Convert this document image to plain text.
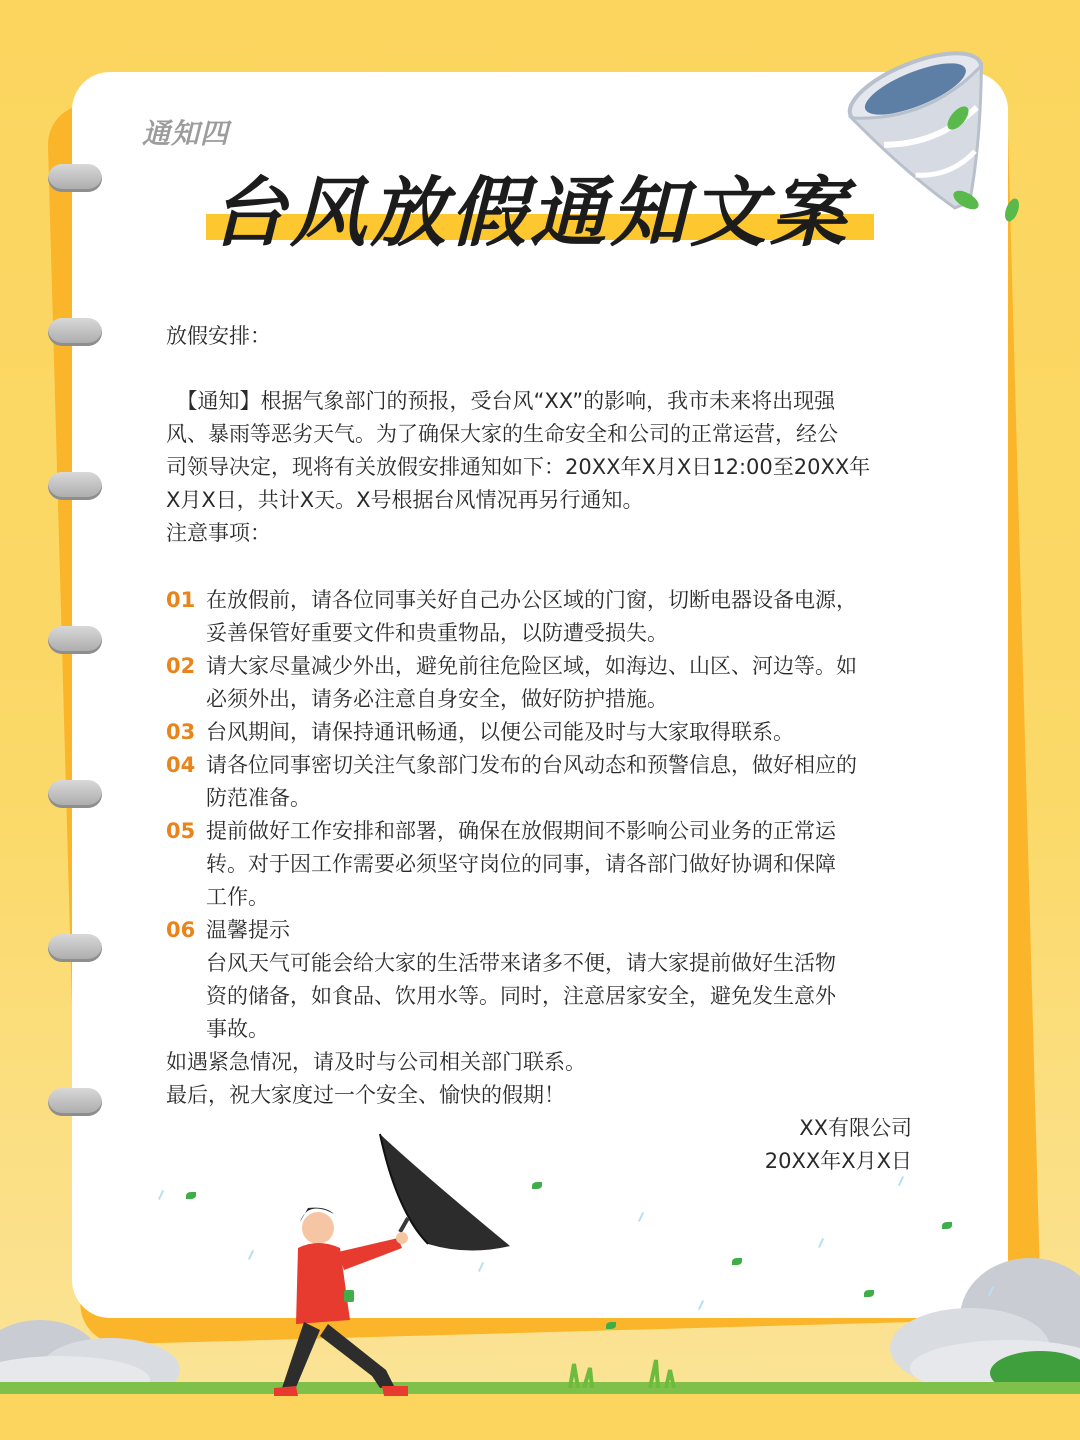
通知四
台风放假通知文案
放假安排：
　【通知】根据气象部门的预报，受台风“XX”的影响，我市未来将出现强
风、暴雨等恶劣天气。为了确保大家的生命安全和公司的正常运营，经公
司领导决定，现将有关放假安排通知如下：20XX年X月X日12:00至20XX年
X月X日，共计X天。X号根据台风情况再另行通知。
注意事项：
01 在放假前，请各位同事关好自己办公区域的门窗，切断电器设备电源，
妥善保管好重要文件和贵重物品，以防遭受损失。
02 请大家尽量减少外出，避免前往危险区域，如海边、山区、河边等。如
必须外出，请务必注意自身安全，做好防护措施。
03 台风期间，请保持通讯畅通，以便公司能及时与大家取得联系。
04 请各位同事密切关注气象部门发布的台风动态和预警信息，做好相应的
防范准备。
05 提前做好工作安排和部署，确保在放假期间不影响公司业务的正常运
转。对于因工作需要必须坚守岗位的同事，请各部门做好协调和保障
工作。
06 温馨提示
台风天气可能会给大家的生活带来诸多不便，请大家提前做好生活物
资的储备，如食品、饮用水等。同时，注意居家安全，避免发生意外
事故。
如遇紧急情况，请及时与公司相关部门联系。
最后，祝大家度过一个安全、愉快的假期！
XX有限公司
20XX年X月X日
